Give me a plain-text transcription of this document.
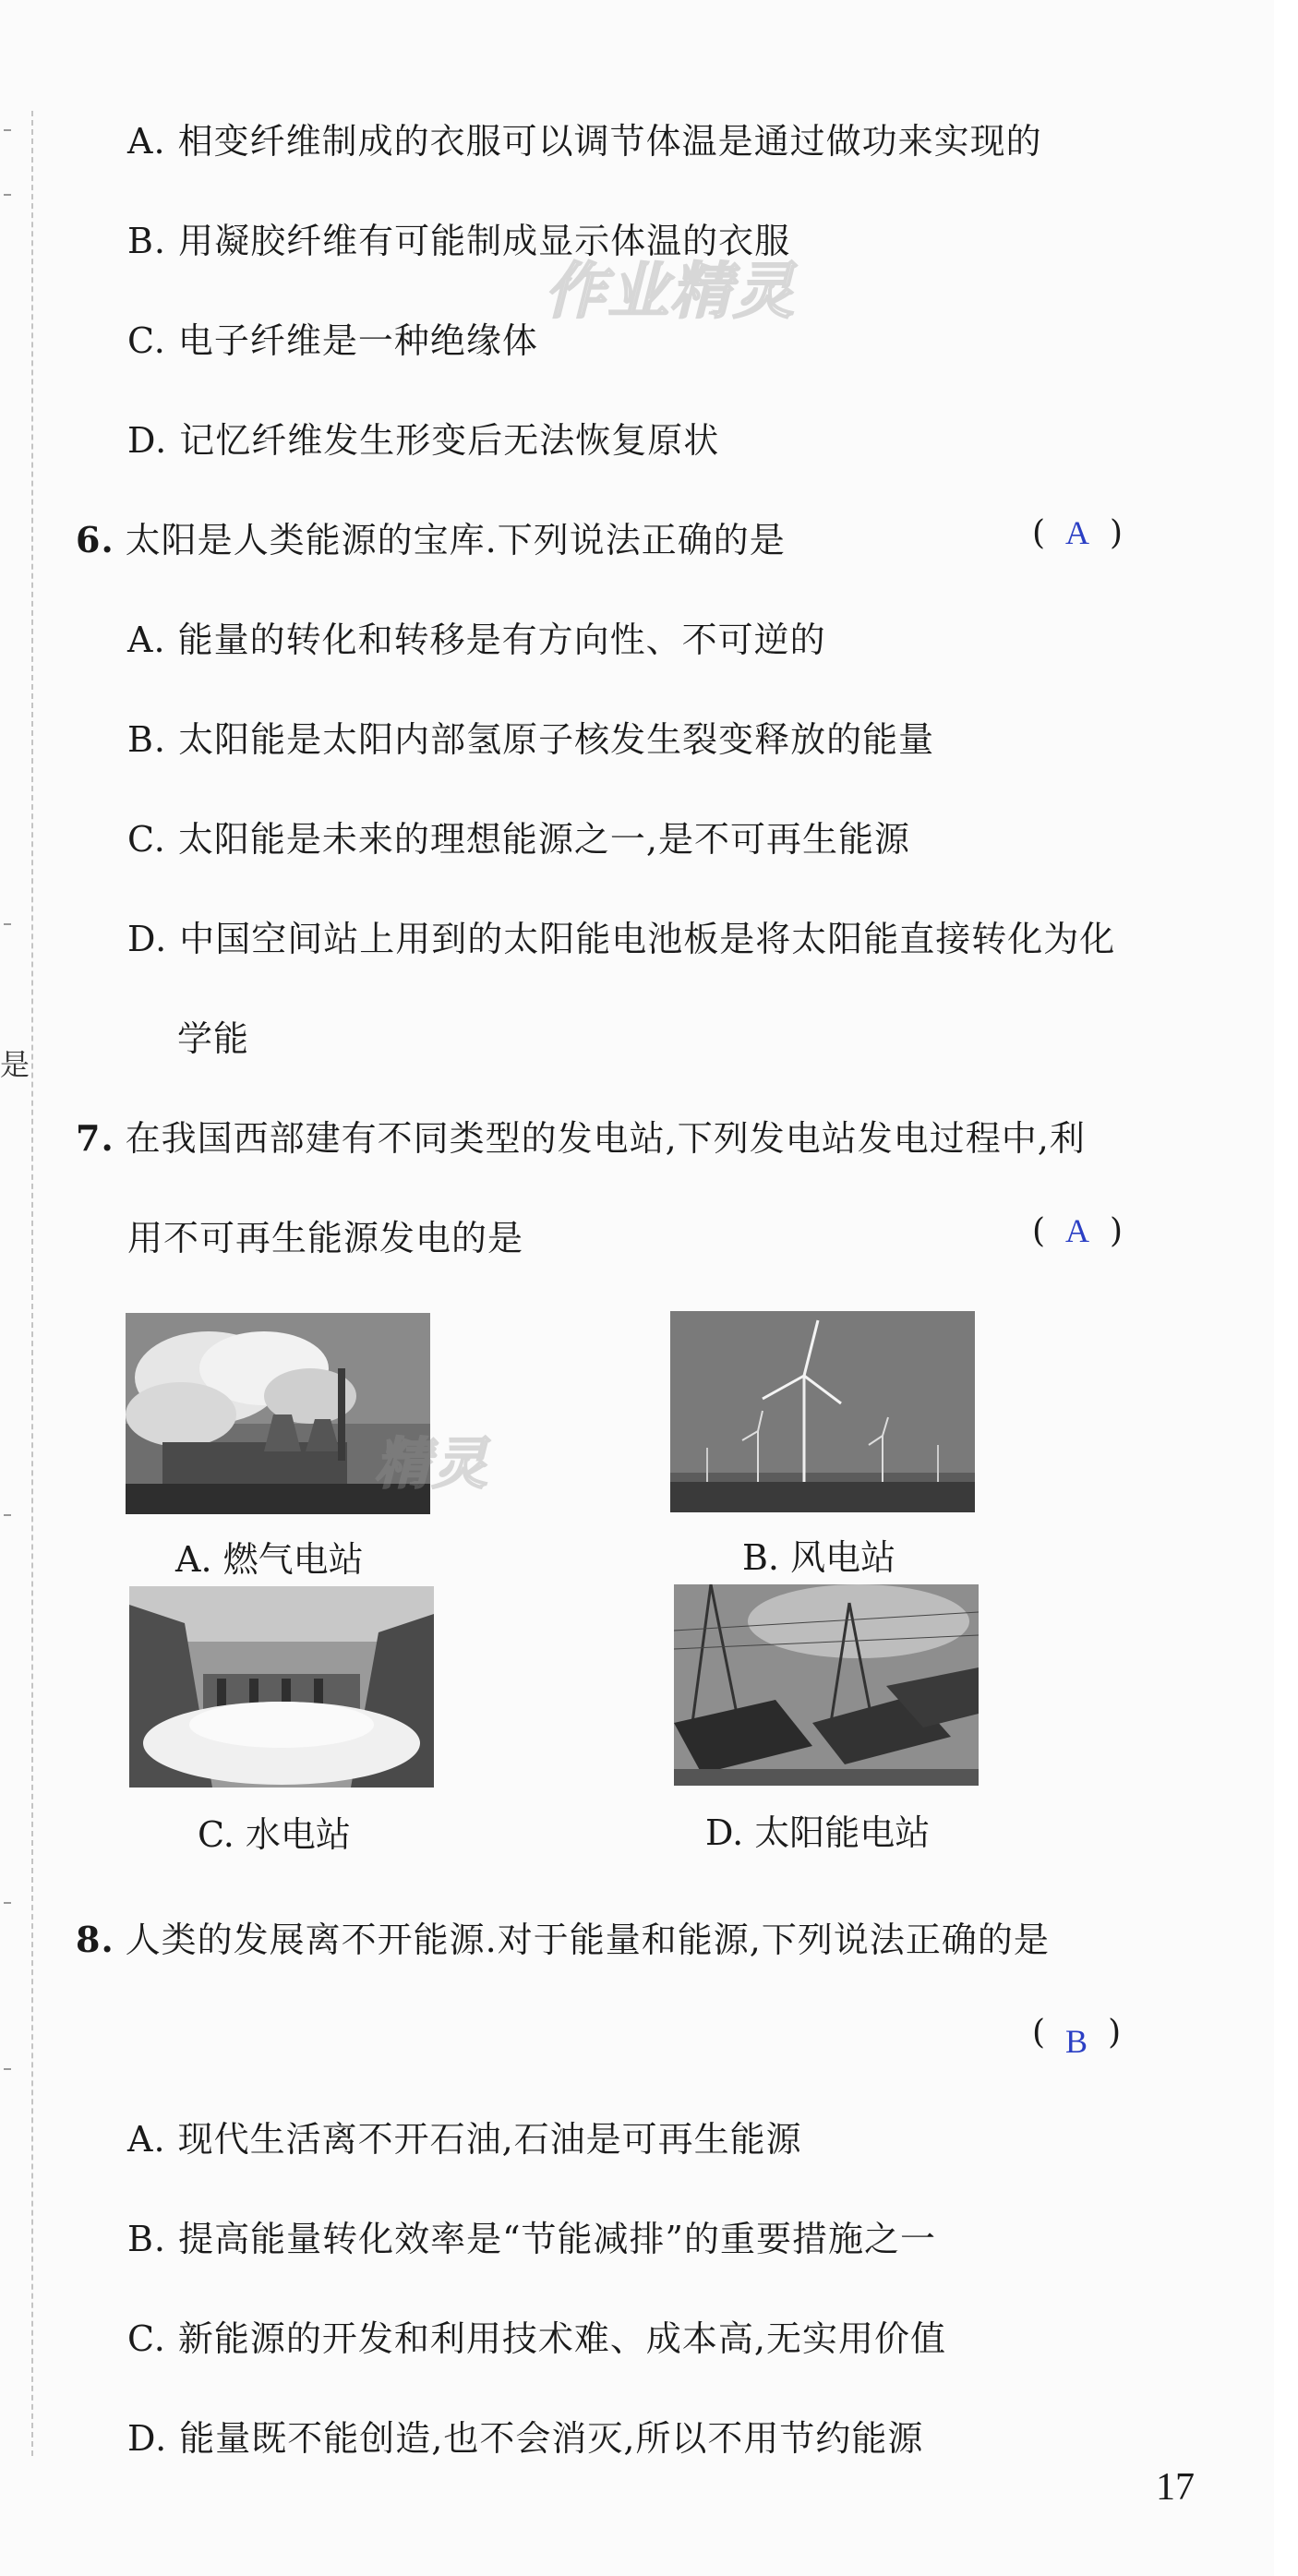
是
A. 相变纤维制成的衣服可以调节体温是通过做功来实现的
B. 用凝胶纤维有可能制成显示体温的衣服
作业精灵
C. 电子纤维是一种绝缘体
D. 记忆纤维发生形变后无法恢复原状
6. 太阳是人类能源的宝库.下列说法正确的是	( A )
A. 能量的转化和转移是有方向性、不可逆的
B. 太阳能是太阳内部氢原子核发生裂变释放的能量
C. 太阳能是未来的理想能源之一,是不可再生能源
D. 中国空间站上用到的太阳能电池板是将太阳能直接转化为化
学能
7. 在我国西部建有不同类型的发电站,下列发电站发电过程中,利
用不可再生能源发电的是	( A )
精灵
A. 燃气电站	B. 风电站
C. 水电站	D. 太阳能电站
8. 人类的发展离不开能源.对于能量和能源,下列说法正确的是
( B )
A. 现代生活离不开石油,石油是可再生能源
B. 提高能量转化效率是“节能减排”的重要措施之一
C. 新能源的开发和利用技术难、成本高,无实用价值
D. 能量既不能创造,也不会消灭,所以不用节约能源
17
